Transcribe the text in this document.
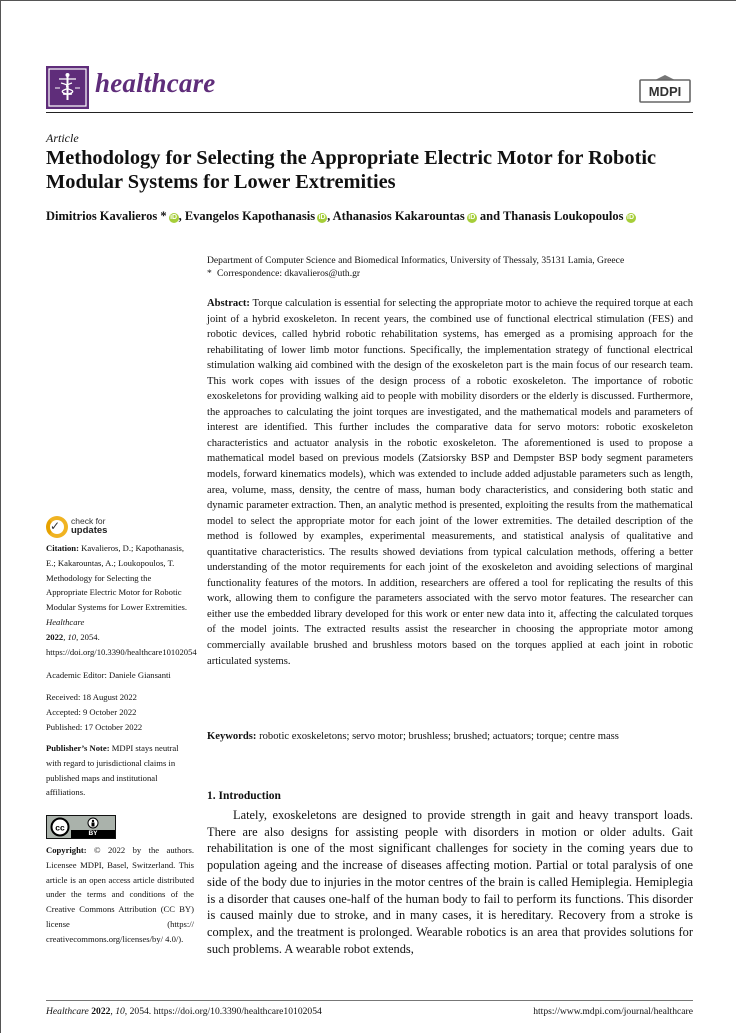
healthcare	MDPI
Article
Methodology for Selecting the Appropriate Electric Motor for Robotic Modular Systems for Lower Extremities
Dimitrios Kavalieros * iD , Evangelos Kapothanasis iD , Athanasios Kakarountas iD and Thanasis Loukopoulos iD
Department of Computer Science and Biomedical Informatics, University of Thessaly, 35131 Lamia, Greece
* Correspondence: dkavalieros@uth.gr
Abstract: Torque calculation is essential for selecting the appropriate motor to achieve the required torque at each joint of a hybrid exoskeleton. In recent years, the combined use of functional electrical stimulation (FES) and robotic devices, called hybrid robotic rehabilitation systems, has emerged as a promising approach for the rehabilitating of lower limb motor functions. Specifically, the implementation strategy of functional electrical stimulation walking aid combined with the design of the exoskeleton part is the main focus of our research team. This work copes with issues of the design process of a robotic exoskeleton. The importance of robotic exoskeletons for providing walking aid to people with mobility disorders or the elderly is discussed. Furthermore, the approaches to calculating the joint torques are investigated, and the mathematical models and parameters of interest are identified. This further includes the comparative data for servo motors: robotic exoskeleton characteristics and actuator analysis in the robotic exoskeleton. The aforementioned is used to propose a mathematical model based on previous models (Zatsiorsky BSP and Dempster BSP body segment parameters models, forward kinematics models), which was extended to include added adjustable parameters such as length, area, volume, mass, density, the centre of mass, human body characteristics, and considering both static and dynamic parameter extraction. Then, an analytic method is presented, exploiting the results from the mathematical model to select the appropriate motor for each joint of the lower extremities. The detailed description of the method is followed by examples, experimental measurements, and statistical analysis of qualitative and quantitative characteristics. The results showed deviations from typical calculation methods, offering a better understanding of the motor requirements for each joint of the exoskeleton and avoiding selections of marginal functionality features of the motors. In addition, researchers are offered a tool for replicating the results of this work, allowing them to configure the parameters associated with the servo motor features. The researcher can either use the embedded library developed for this work or enter new data into it, affecting the calculated torques of the model joints. The extracted results assist the researcher in choosing the appropriate motor among commercially available brushed and brushless motors based on the torques applied at each joint in robotic articulated systems.
Keywords: robotic exoskeletons; servo motor; brushless; brushed; actuators; torque; centre mass
1. Introduction
Lately, exoskeletons are designed to provide strength in gait and heavy transport loads. There are also designs for assisting people with disorders in motion or older adults. Gait rehabilitation is one of the most significant challenges for society in the coming years due to population ageing and the increase of diseases affecting motion. Partial or total paralysis of one side of the body due to injuries in the motor centres of the brain is called Hemiplegia. Hemiplegia is a disorder that causes one-half of the human body to fail to perform its functions. This disorder is caused mainly due to stroke, and in many cases, it is hereditary. Recovery from a stroke is complex, and the treatment is prolonged. Wearable robotics is an area that provides solutions for such problems. A wearable robot extends,
✓ check for
updates
Citation: Kavalieros, D.; Kapothanasis, E.; Kakarountas, A.; Loukopoulos, T. Methodology for Selecting the Appropriate Electric Motor for Robotic Modular Systems for Lower Extremities. Healthcare
2022, 10, 2054. https://doi.org/10.3390/healthcare10102054
Academic Editor: Daniele Giansanti
Received: 18 August 2022
Accepted: 9 October 2022
Published: 17 October 2022
Publisher’s Note: MDPI stays neutral with regard to jurisdictional claims in published maps and institutional affiliations.
cc
BY
Copyright: © 2022 by the authors. Licensee MDPI, Basel, Switzerland. This article is an open access article distributed under the terms and conditions of the Creative Commons Attribution (CC BY) license (https:// creativecommons.org/licenses/by/ 4.0/).
Healthcare 2022, 10, 2054. https://doi.org/10.3390/healthcare10102054	https://www.mdpi.com/journal/healthcare
